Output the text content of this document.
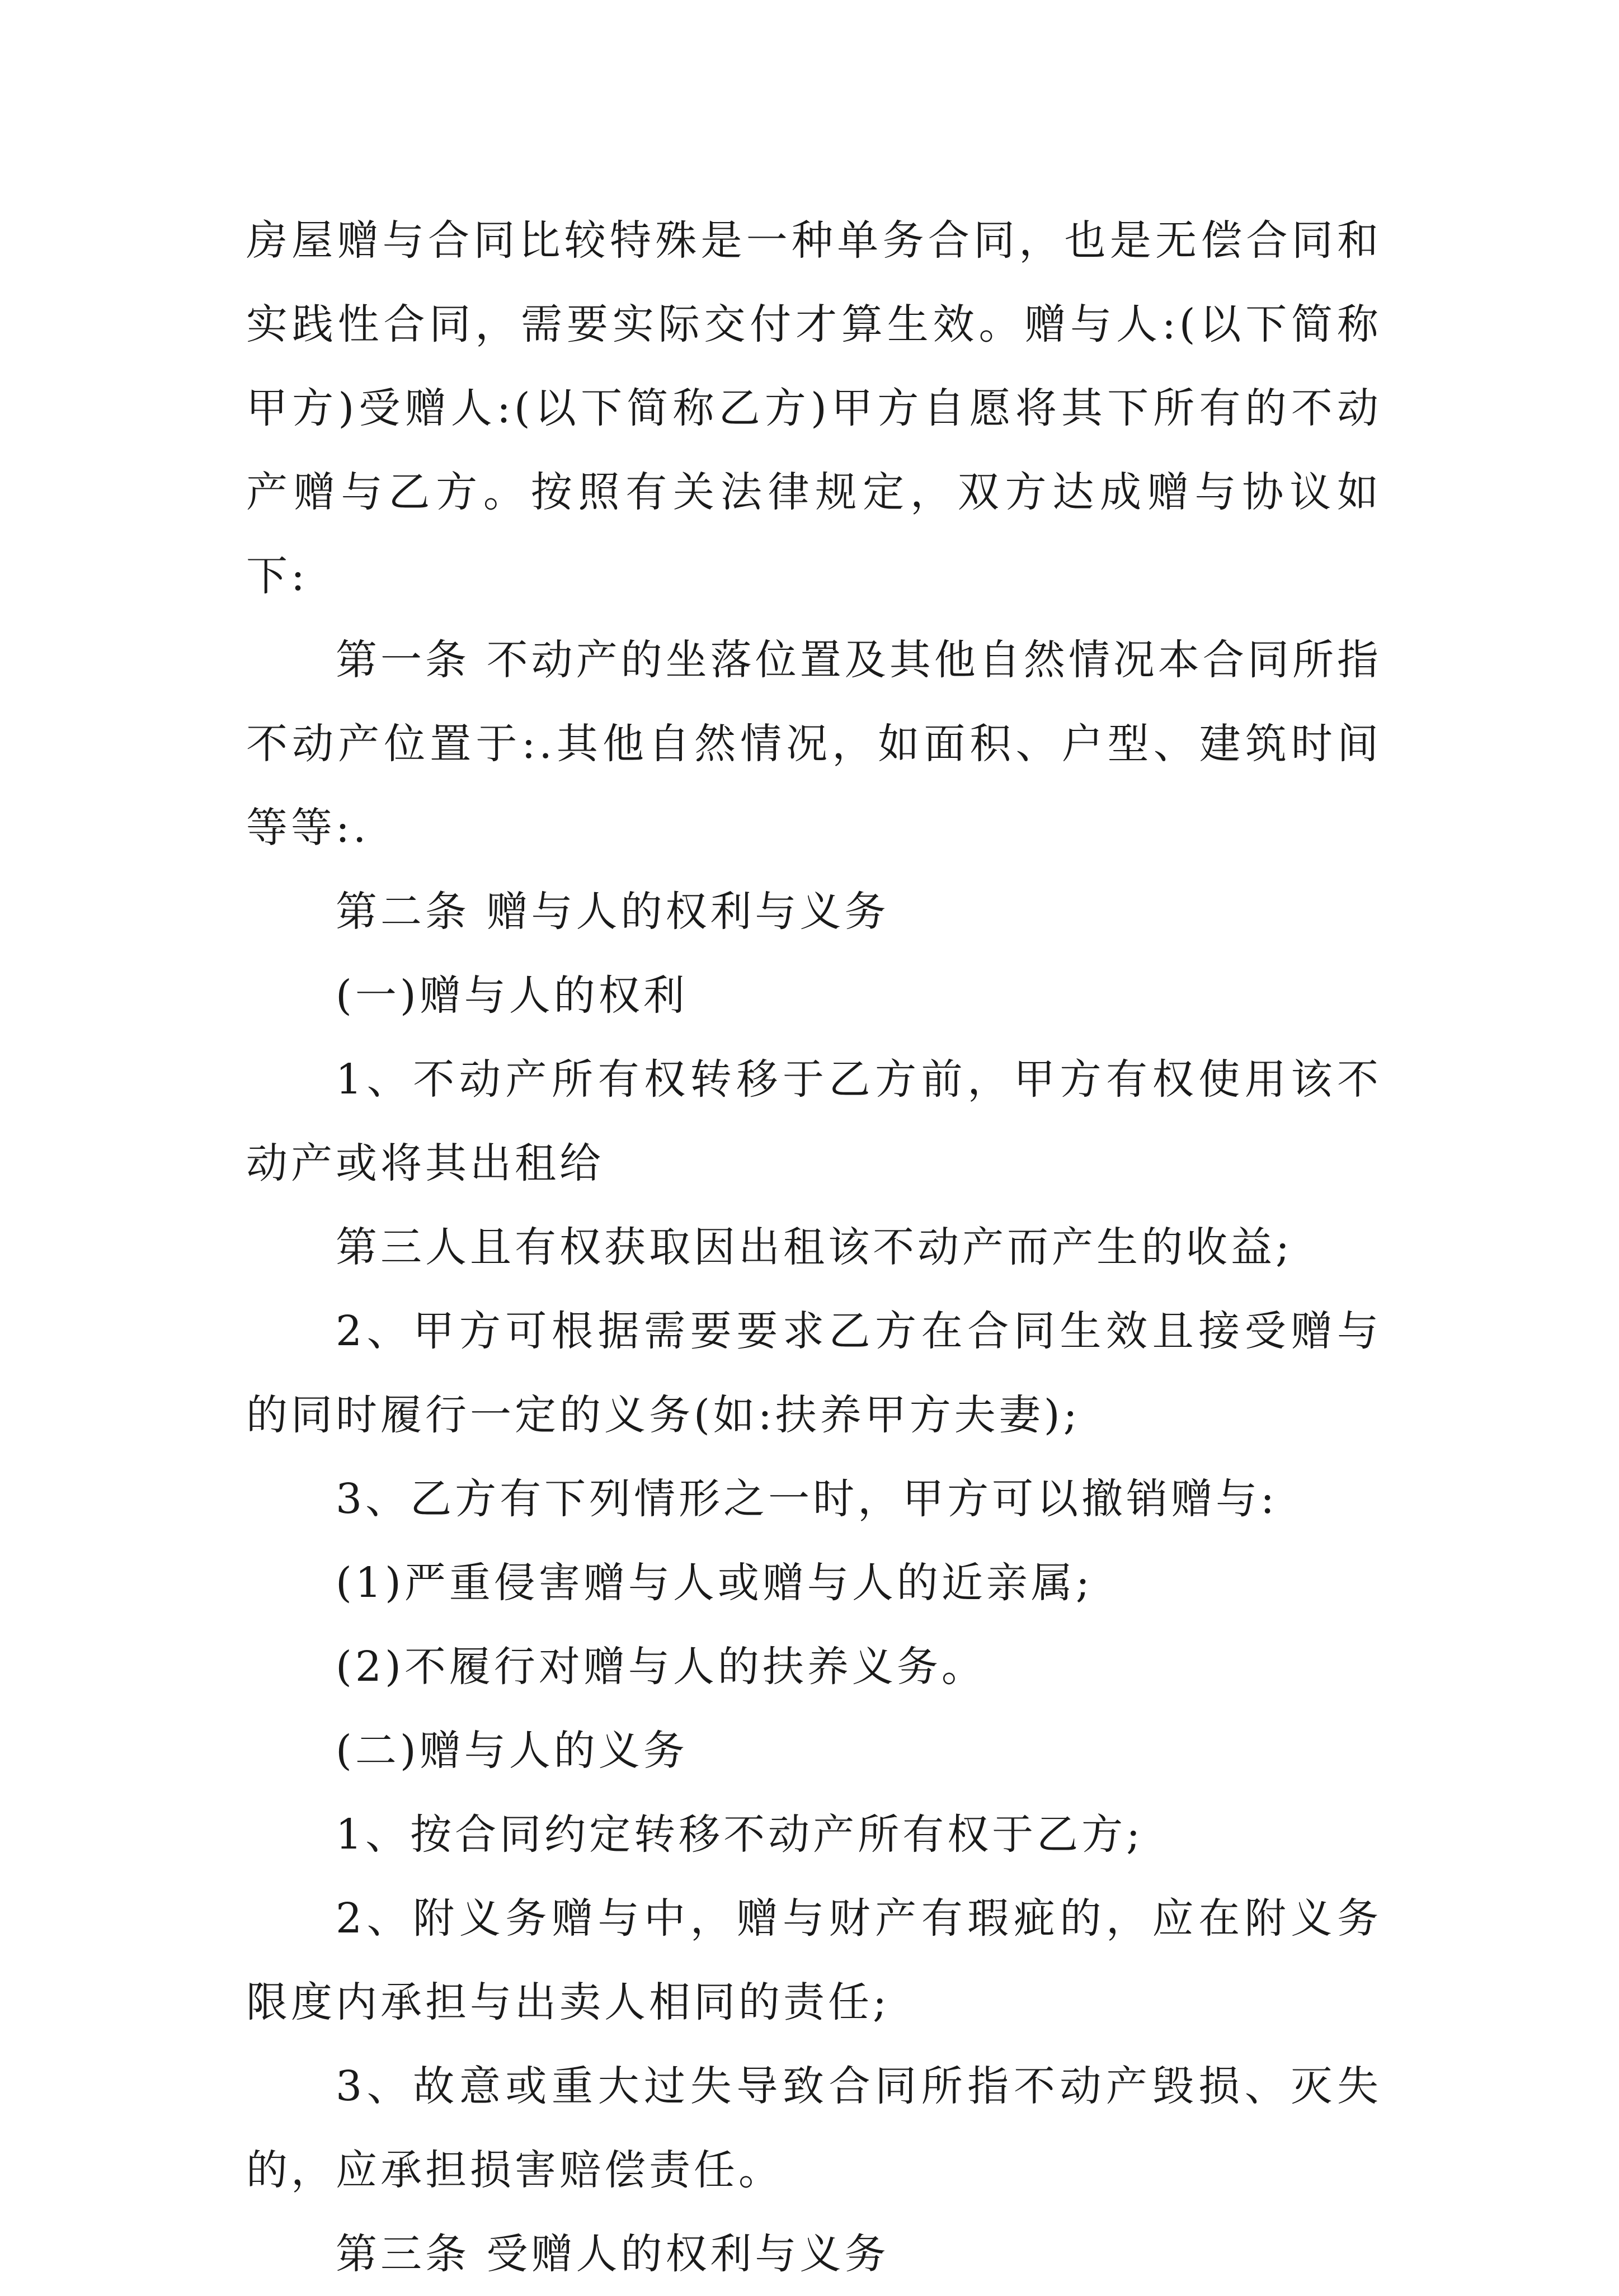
房屋赠与合同比较特殊是一种单务合同，也是无偿合同和实践性合同，需要实际交付才算生效。赠与人:(以下简称甲方)受赠人:(以下简称乙方)甲方自愿将其下所有的不动产赠与乙方。按照有关法律规定，双方达成赠与协议如下:

第一条 不动产的坐落位置及其他自然情况本合同所指不动产位置于:.其他自然情况，如面积、户型、建筑时间等等:.

第二条 赠与人的权利与义务

(一)赠与人的权利

1、不动产所有权转移于乙方前，甲方有权使用该不动产或将其出租给

第三人且有权获取因出租该不动产而产生的收益;

2、甲方可根据需要要求乙方在合同生效且接受赠与的同时履行一定的义务(如:扶养甲方夫妻);

3、乙方有下列情形之一时，甲方可以撤销赠与:

(1)严重侵害赠与人或赠与人的近亲属;

(2)不履行对赠与人的扶养义务。

(二)赠与人的义务

1、按合同约定转移不动产所有权于乙方;

2、附义务赠与中，赠与财产有瑕疵的，应在附义务限度内承担与出卖人相同的责任;

3、故意或重大过失导致合同所指不动产毁损、灭失的，应承担损害赔偿责任。

第三条 受赠人的权利与义务
